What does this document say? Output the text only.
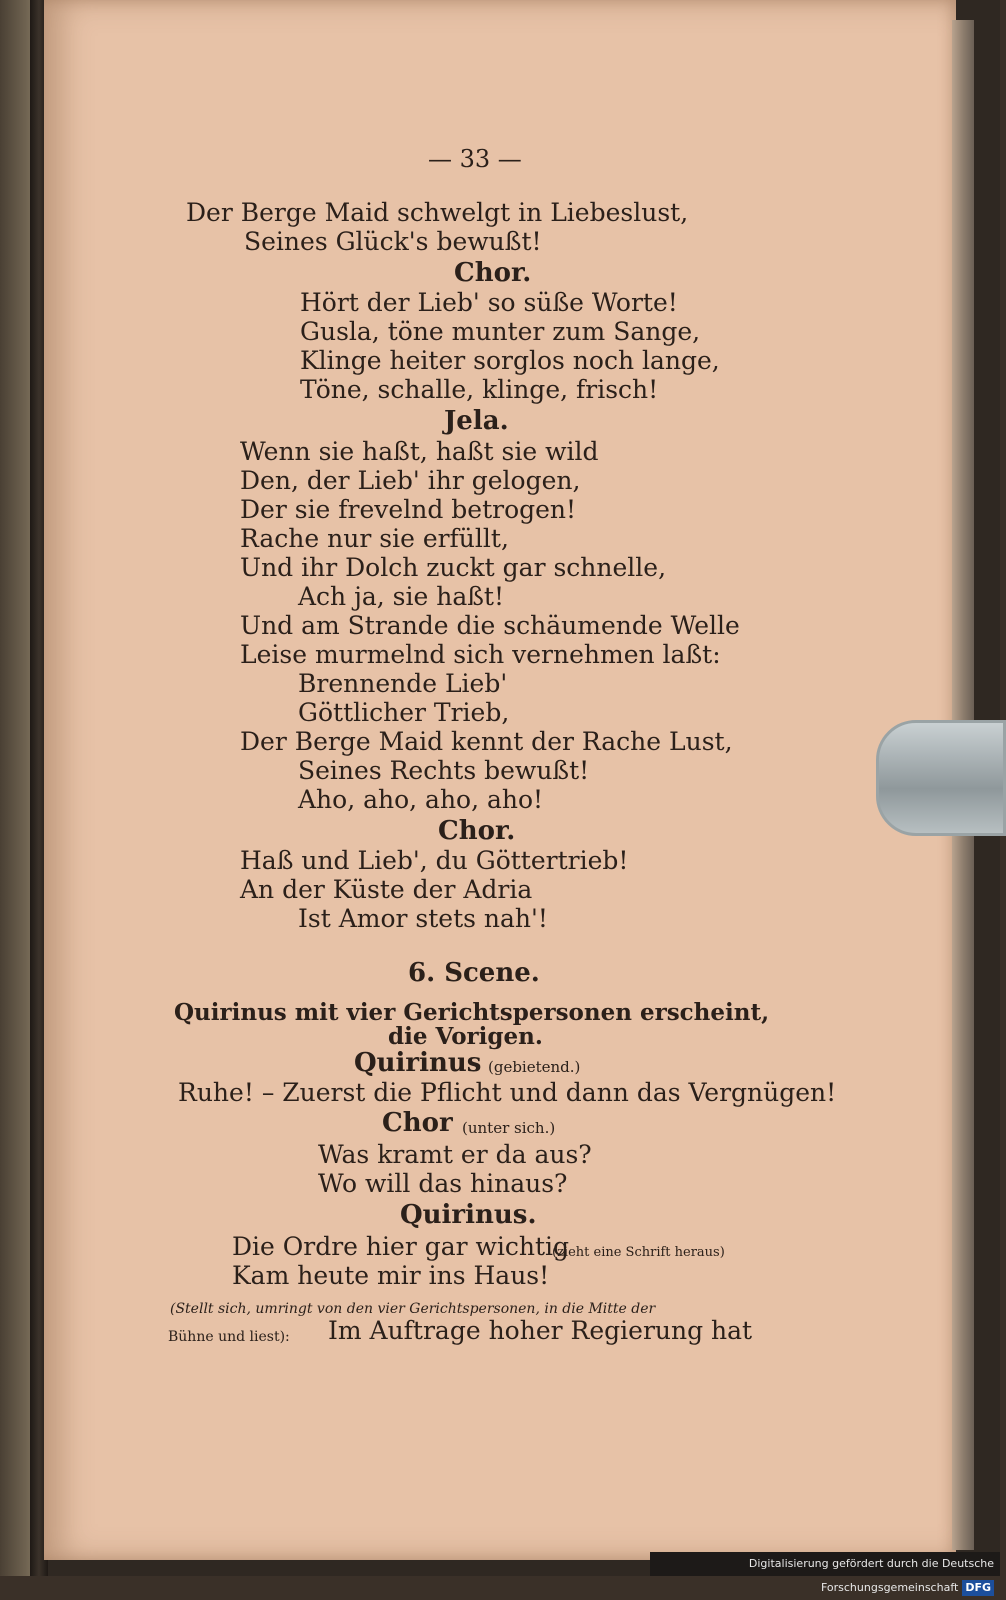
— 33 —
Der Berge Maid schwelgt in Liebeslust,
Seines Glück's bewußt!
Chor.
Hört der Lieb' so süße Worte!
Gusla, töne munter zum Sange,
Klinge heiter sorglos noch lange,
Töne, schalle, klinge, frisch!
Jela.
Wenn sie haßt, haßt sie wild
Den, der Lieb' ihr gelogen,
Der sie frevelnd betrogen!
Rache nur sie erfüllt,
Und ihr Dolch zuckt gar schnelle,
Ach ja, sie haßt!
Und am Strande die schäumende Welle
Leise murmelnd sich vernehmen laßt:
Brennende Lieb'
Göttlicher Trieb,
Der Berge Maid kennt der Rache Lust,
Seines Rechts bewußt!
Aho, aho, aho, aho!
Chor.
Haß und Lieb', du Göttertrieb!
An der Küste der Adria
Ist Amor stets nah'!
6. Scene.
Quirinus mit vier Gerichtspersonen erscheint,
die Vorigen.
Quirinus (gebietend.)
Ruhe! – Zuerst die Pflicht und dann das Vergnügen!
Chor (unter sich.)
Was kramt er da aus?
Wo will das hinaus?
Quirinus.
Die Ordre hier gar wichtig
(zieht eine Schrift heraus)
Kam heute mir ins Haus!
(Stellt sich, umringt von den vier Gerichtspersonen, in die Mitte der
Bühne und liest): Im Auftrage hoher Regierung hat
Digitalisierung gefördert durch die Deutsche Forschungsgemeinschaft DFG
